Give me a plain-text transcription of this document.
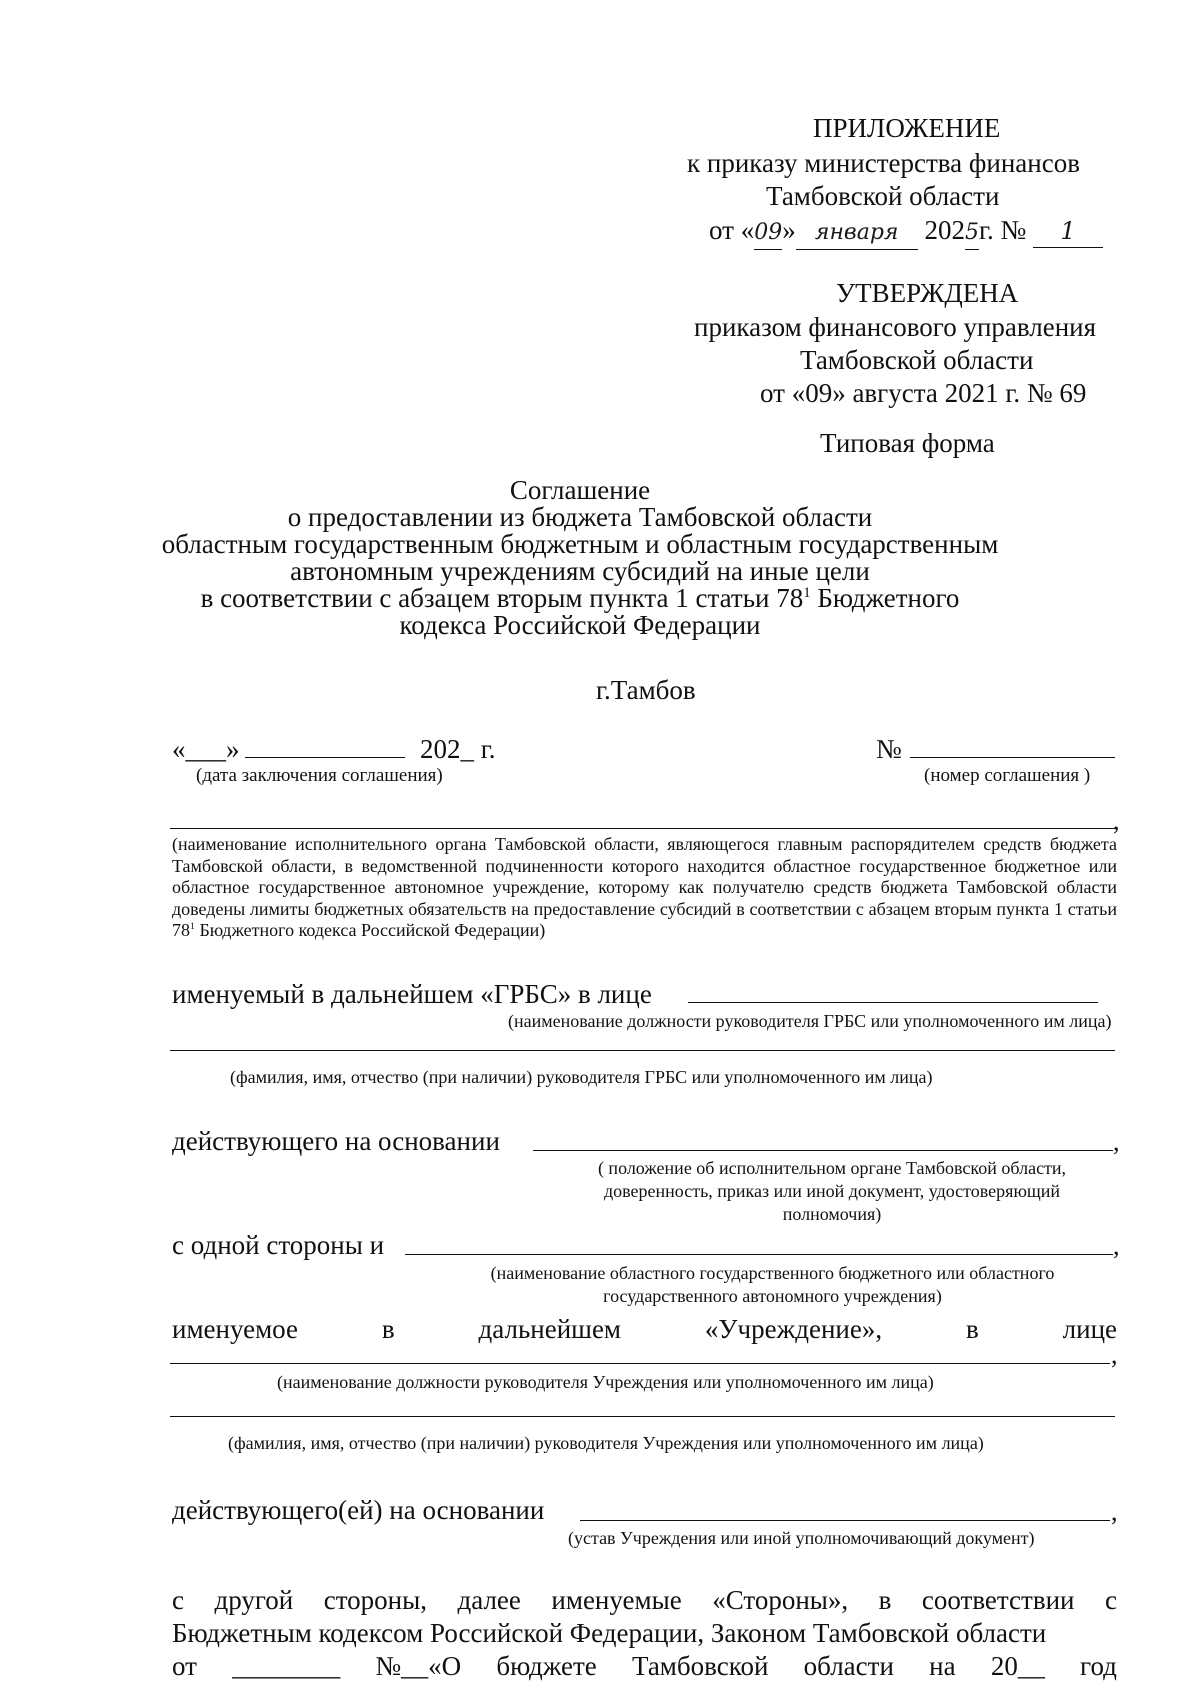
ПРИЛОЖЕНИЕ
к приказу министерства финансов
Тамбовской области
от «09» января 2025г. № 1
УТВЕРЖДЕНА
приказом финансового управления
Тамбовской области
от «09» августа 2021 г. № 69
Типовая форма
Соглашение
о предоставлении из бюджета Тамбовской области
областным государственным бюджетным и областным государственным
автономным учреждениям субсидий на иные цели
в соответствии с абзацем вторым пункта 1 статьи $78^1$ Бюджетного
кодекса Российской Федерации
г.Тамбов
«___»	202_ г.	№
(дата заключения соглашения)	(номер соглашения )
,
(наименование исполнительного органа Тамбовской области, являющегося главным распорядителем средств бюджета Тамбовской области, в ведомственной подчиненности которого находится областное государственное бюджетное или областное государственное автономное учреждение, которому как получателю средств бюджета Тамбовской области доведены лимиты бюджетных обязательств на предоставление субсидий в соответствии с абзацем вторым пункта 1 статьи $78^1$ Бюджетного кодекса Российской Федерации)
именуемый в дальнейшем «ГРБС» в лице
(наименование должности руководителя ГРБС или уполномоченного им лица)
(фамилия, имя, отчество (при наличии) руководителя ГРБС или уполномоченного им лица)
действующего на основании	,
( положение об исполнительном органе Тамбовской области,
доверенность, приказ или иной документ, удостоверяющий
полномочия)
с одной стороны и	,
(наименование областного государственного бюджетного или областного
государственного автономного учреждения)
именуемое	в	дальнейшем	«Учреждение»,	в	лице
,
(наименование должности руководителя Учреждения или уполномоченного им лица)
(фамилия, имя, отчество (при наличии) руководителя Учреждения или уполномоченного им лица)
действующего(ей) на основании	,
(устав Учреждения или иной уполномочивающий документ)
с другой стороны, далее именуемые «Стороны», в соответствии с
Бюджетным кодексом Российской Федерации, Законом Тамбовской области
от ________ №__«О бюджете Тамбовской области на 20__ год
